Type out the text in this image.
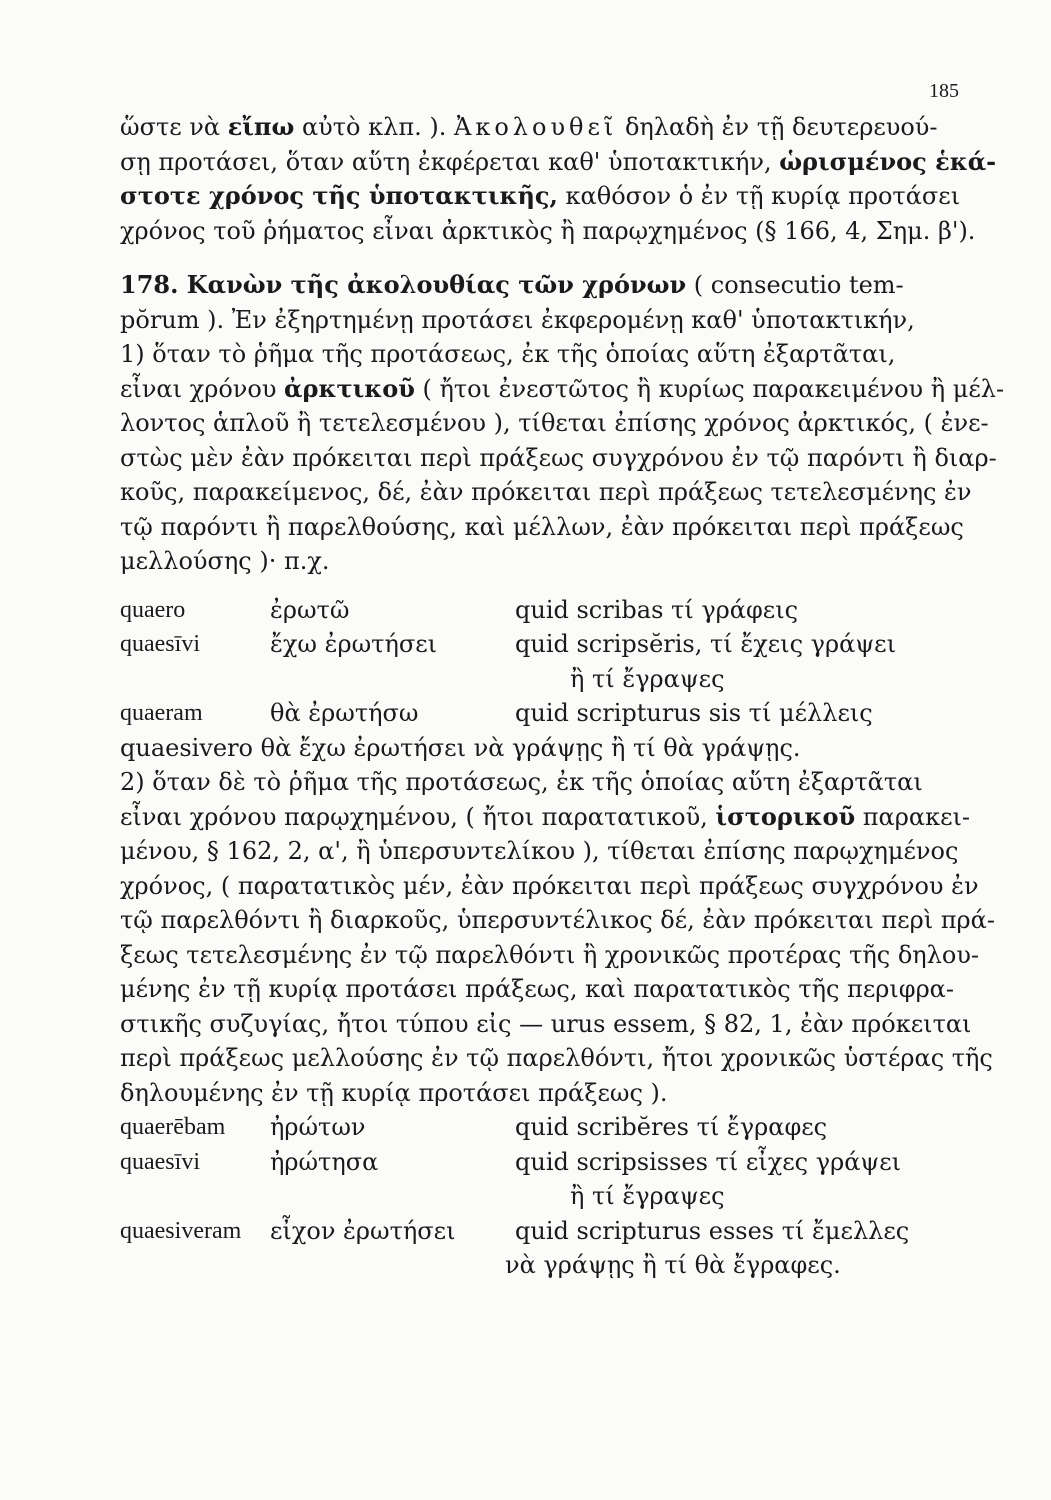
185
ὥστε νὰ εἴπω αὐτὸ κλπ. ). Ἀκολουθεῖ δηλαδὴ ἐν τῇ δευτερευού-
σῃ προτάσει, ὅταν αὕτη ἐκφέρεται καθ' ὑποτακτικήν, ὡρισμένος ἑκά-
στοτε χρόνος τῆς ὑποτακτικῆς, καθόσον ὁ ἐν τῇ κυρίᾳ προτάσει
χρόνος τοῦ ῥήματος εἶναι ἀρκτικὸς ἢ παρῳχημένος (§ 166, 4, Σημ. β').
178. Κανὼν τῆς ἀκολουθίας τῶν χρόνων ( consecutio tem-
pŏrum ). Ἐν ἐξηρτημένῃ προτάσει ἐκφερομένῃ καθ' ὑποτακτικήν,
1) ὅταν τὸ ῥῆμα τῆς προτάσεως, ἐκ τῆς ὁποίας αὕτη ἐξαρτᾶται,
εἶναι χρόνου ἀρκτικοῦ ( ἤτοι ἐνεστῶτος ἢ κυρίως παρακειμένου ἢ μέλ-
λοντος ἁπλοῦ ἢ τετελεσμένου ), τίθεται ἐπίσης χρόνος ἀρκτικός, ( ἐνε-
στὼς μὲν ἐὰν πρόκειται περὶ πράξεως συγχρόνου ἐν τῷ παρόντι ἢ διαρ-
κοῦς, παρακείμενος, δέ, ἐὰν πρόκειται περὶ πράξεως τετελεσμένης ἐν
τῷ παρόντι ἢ παρελθούσης, καὶ μέλλων, ἐὰν πρόκειται περὶ πράξεως
μελλούσης )· π.χ.
quaero	ἐρωτῶ	quid scribas τί γράφεις
quaesīvi	ἔχω ἐρωτήσει	quid scripsĕris, τί ἔχεις γράψει
ἢ τί ἔγραψες
quaeram	θὰ ἐρωτήσω	quid scripturus sis τί μέλλεις
quaesivero θὰ ἔχω ἐρωτήσει νὰ γράψῃς ἢ τί θὰ γράψῃς.
2) ὅταν δὲ τὸ ῥῆμα τῆς προτάσεως, ἐκ τῆς ὁποίας αὕτη ἐξαρτᾶται
εἶναι χρόνου παρῳχημένου, ( ἤτοι παρατατικοῦ, ἱστορικοῦ παρακει-
μένου, § 162, 2, α', ἢ ὑπερσυντελίκου ), τίθεται ἐπίσης παρῳχημένος
χρόνος, ( παρατατικὸς μέν, ἐὰν πρόκειται περὶ πράξεως συγχρόνου ἐν
τῷ παρελθόντι ἢ διαρκοῦς, ὑπερσυντέλικος δέ, ἐὰν πρόκειται περὶ πρά-
ξεως τετελεσμένης ἐν τῷ παρελθόντι ἢ χρονικῶς προτέρας τῆς δηλου-
μένης ἐν τῇ κυρίᾳ προτάσει πράξεως, καὶ παρατατικὸς τῆς περιφρα-
στικῆς συζυγίας, ἤτοι τύπου εἰς — urus essem, § 82, 1, ἐὰν πρόκειται
περὶ πράξεως μελλούσης ἐν τῷ παρελθόντι, ἤτοι χρονικῶς ὑστέρας τῆς
δηλουμένης ἐν τῇ κυρίᾳ προτάσει πράξεως ).
quaerēbam	ἠρώτων	quid scribĕres τί ἔγραφες
quaesīvi	ἠρώτησα	quid scripsisses τί εἶχες γράψει
ἢ τί ἔγραψες
quaesiveram	εἶχον ἐρωτήσει	quid scripturus esses τί ἔμελλες
νὰ γράψῃς ἢ τί θὰ ἔγραφες.
